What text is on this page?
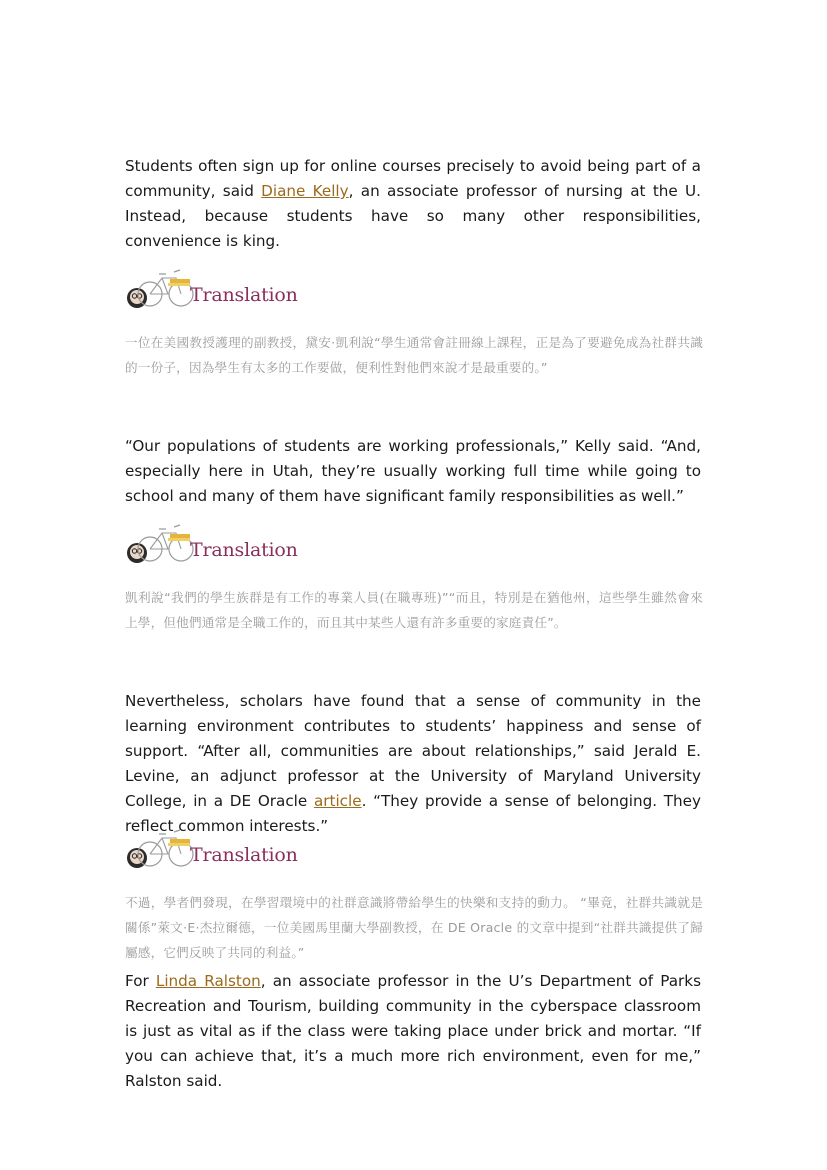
Students often sign up for online courses precisely to avoid being part of a community, said Diane Kelly, an associate professor of nursing at the U. Instead, because students have so many other responsibilities, convenience is king.

Translation

一位在美國教授護理的副教授，黛安·凱利說“學生通常會註冊線上課程，正是為了要避免成為社群共識的一份子，因為學生有太多的工作要做，便利性對他們來說才是最重要的。”

“Our populations of students are working professionals,” Kelly said. “And, especially here in Utah, they’re usually working full time while going to school and many of them have significant family responsibilities as well.”

Translation

凱利說“我們的學生族群是有工作的專業人員(在職專班)”“而且，特別是在猶他州，這些學生雖然會來上學，但他們通常是全職工作的，而且其中某些人還有許多重要的家庭責任”。

Nevertheless, scholars have found that a sense of community in the learning environment contributes to students’ happiness and sense of support. “After all, communities are about relationships,” said Jerald E. Levine, an adjunct professor at the University of Maryland University College, in a DE Oracle article. “They provide a sense of belonging. They reflect common interests.”

Translation

不過，學者們發現，在學習環境中的社群意識將帶給學生的快樂和支持的動力。 “畢竟，社群共識就是關係”萊文·E·杰拉爾德，一位美國馬里蘭大學副教授，在 DE Oracle 的文章中提到“社群共識提供了歸屬感，它們反映了共同的利益。”

For Linda Ralston, an associate professor in the U’s Department of Parks Recreation and Tourism, building community in the cyberspace classroom is just as vital as if the class were taking place under brick and mortar. “If you can achieve that, it’s a much more rich environment, even for me,” Ralston said.
